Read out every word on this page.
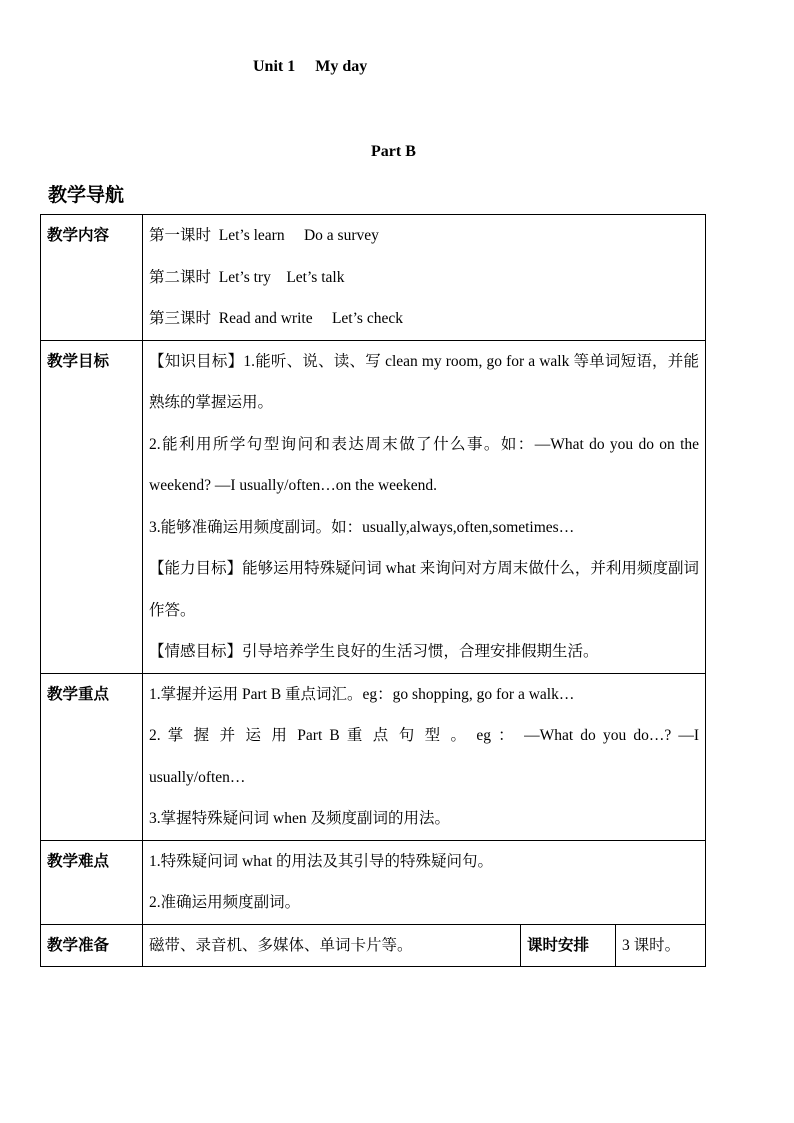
Unit 1     My day
Part B
教学导航
教学内容	第一课时  Let’s learn     Do a survey
第二课时  Let’s try    Let’s talk
第三课时  Read and write     Let’s check		

教学目标	【知识目标】1.能听、说、读、写 clean my room, go for a walk 等单词短语，并能熟练的掌握运用。
2.能利用所学句型询问和表达周末做了什么事。如：—What do you do on the weekend? —I usually/often…on the weekend.
3.能够准确运用频度副词。如：usually,always,often,sometimes…
【能力目标】能够运用特殊疑问词 what 来询问对方周末做什么，并利用频度副词作答。
【情感目标】引导培养学生良好的生活习惯，合理安排假期生活。		

教学重点	1.掌握并运用 Part B 重点词汇。eg：go shopping, go for a walk…
2. 掌 握 并 运 用 Part B 重 点 句 型 。 eg ： —What do you do…? —I usually/often…
3.掌握特殊疑问词 when 及频度副词的用法。		

教学难点	1.特殊疑问词 what 的用法及其引导的特殊疑问句。
2.准确运用频度副词。		

教学准备	磁带、录音机、多媒体、单词卡片等。	课时安排	3 课时。
